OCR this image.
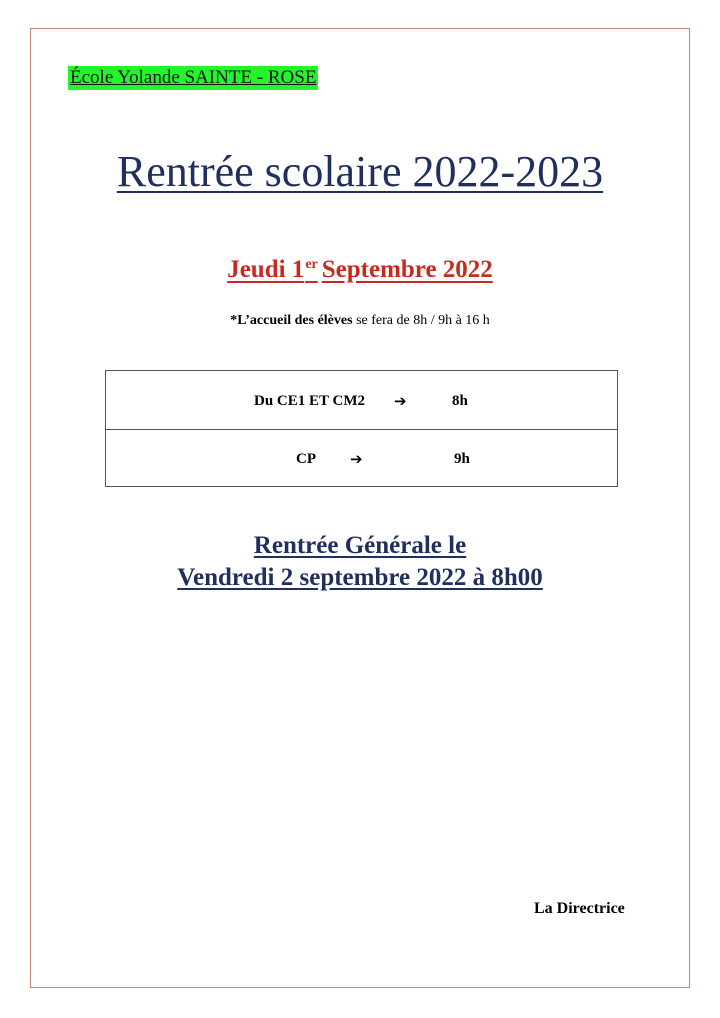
École Yolande SAINTE - ROSE
Rentrée scolaire 2022-2023
Jeudi 1er Septembre 2022
*L’accueil des élèves se fera de 8h / 9h à 16 h
Du CE1 ET CM2 ➔	8h
CP ➔	9h
Rentrée Générale le
Vendredi 2 septembre 2022 à 8h00
La Directrice
